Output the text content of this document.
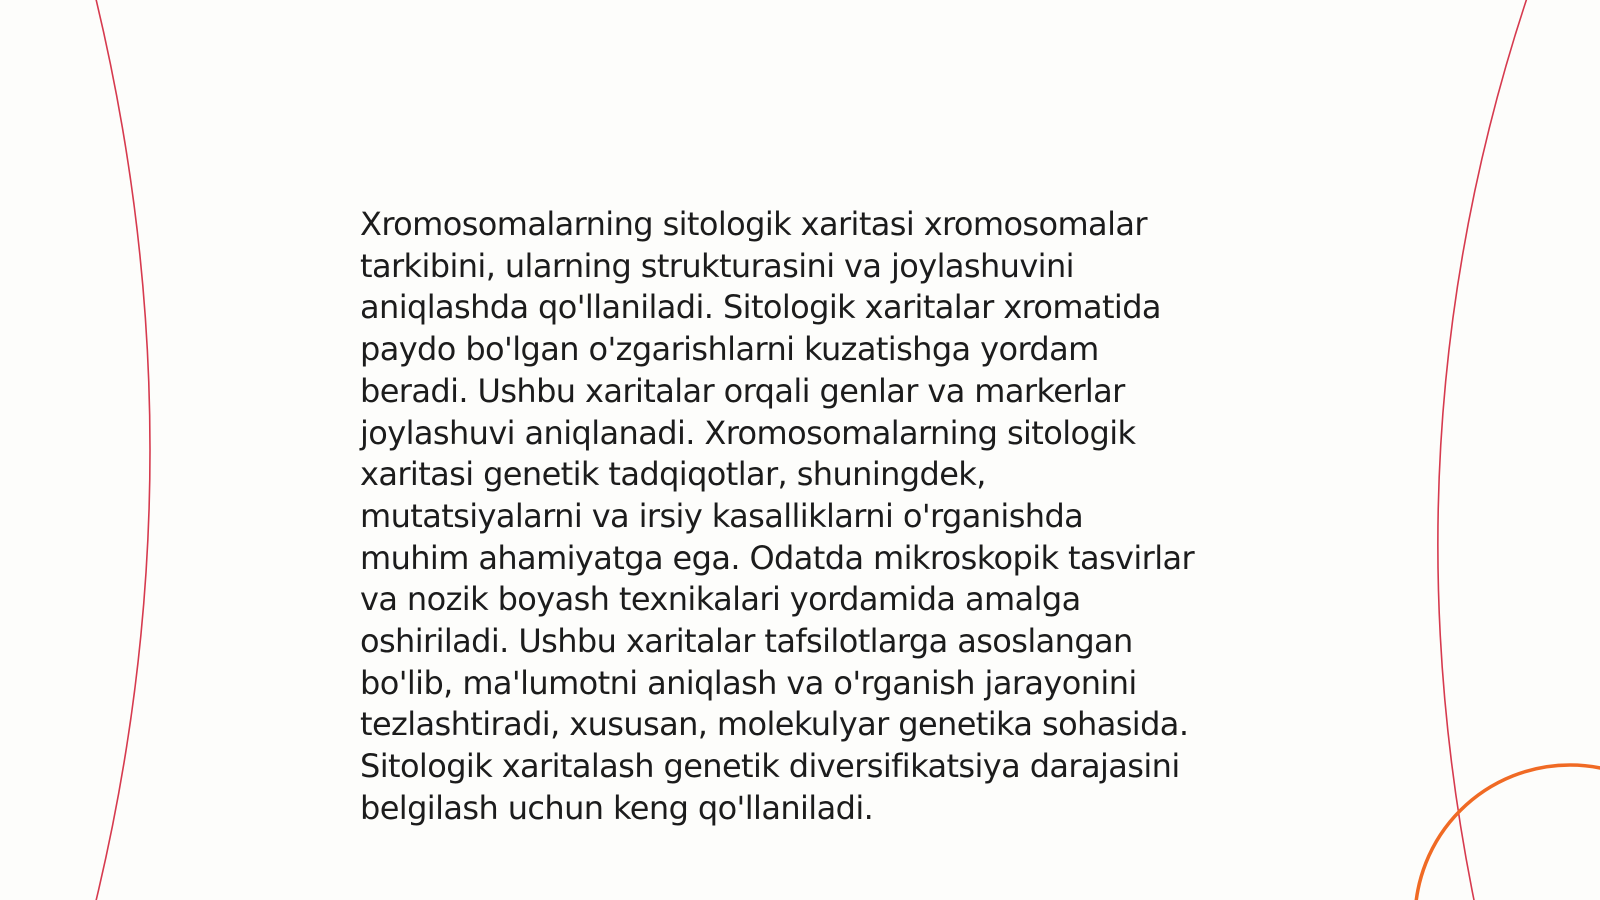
Xromosomalarning sitologik xaritasi xromosomalar
tarkibini, ularning strukturasini va joylashuvini
aniqlashda qo'llaniladi. Sitologik xaritalar xromatida
paydo bo'lgan o'zgarishlarni kuzatishga yordam
beradi. Ushbu xaritalar orqali genlar va markerlar
joylashuvi aniqlanadi. Xromosomalarning sitologik
xaritasi genetik tadqiqotlar, shuningdek,
mutatsiyalarni va irsiy kasalliklarni o'rganishda
muhim ahamiyatga ega. Odatda mikroskopik tasvirlar
va nozik boyash texnikalari yordamida amalga
oshiriladi. Ushbu xaritalar tafsilotlarga asoslangan
bo'lib, ma'lumotni aniqlash va o'rganish jarayonini
tezlashtiradi, xususan, molekulyar genetika sohasida.
Sitologik xaritalash genetik diversifikatsiya darajasini
belgilash uchun keng qo'llaniladi.
